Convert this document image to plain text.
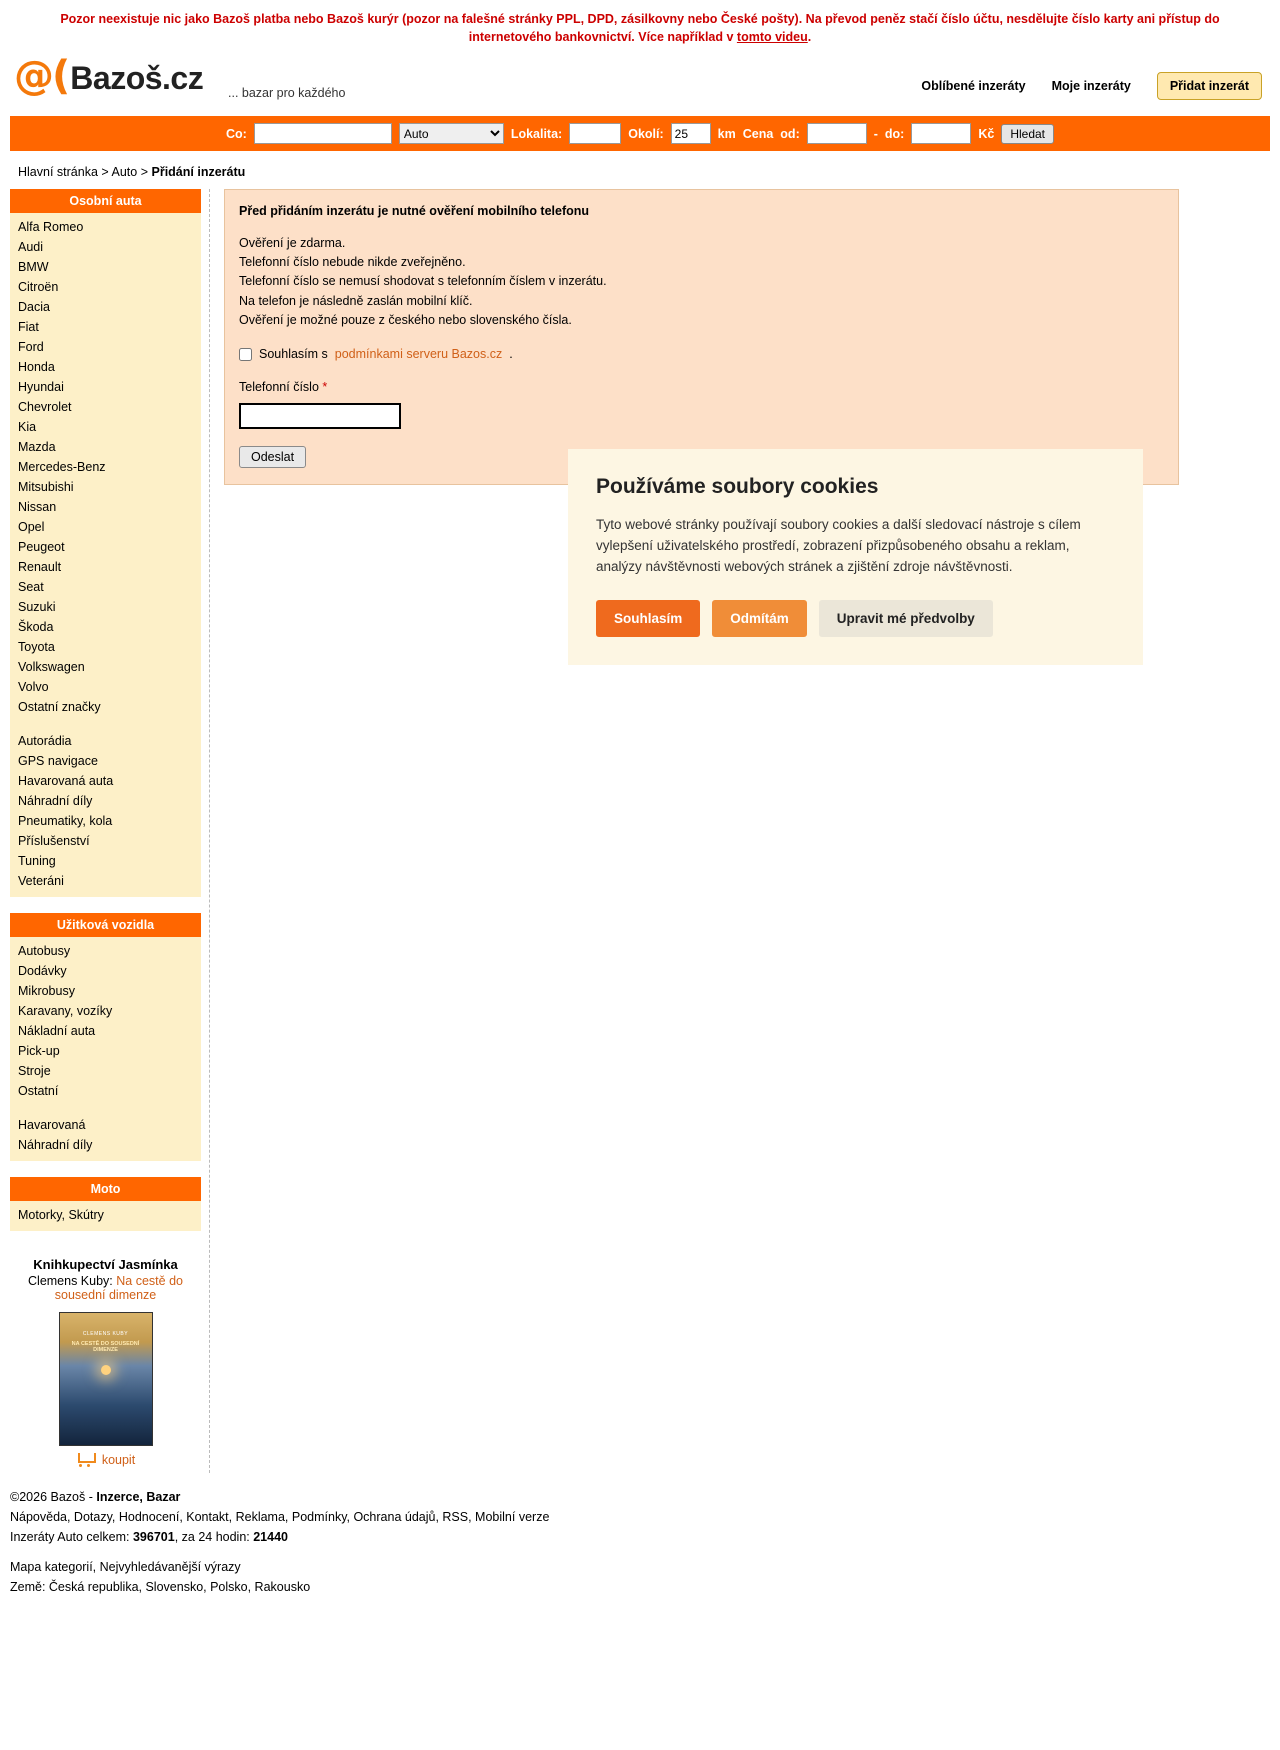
Pozor neexistuje nic jako Bazoš platba nebo Bazoš kurýr (pozor na falešné stránky PPL, DPD, zásilkovny nebo České pošty). Na převod peněz stačí číslo účtu, nesdělujte číslo karty ani přístup do internetového bankovnictví. Více například v tomto videu.
@( Bazoš.cz ... bazar pro každého	Oblíbené inzeráty Moje inzeráty	Přidat inzerát
Co:
Auto	Lokalita:	Okolí:
25	km Cena od:	- do:	Kč	Hledat
Hlavní stránka > Auto > Přidání inzerátu
Osobní auta
Alfa Romeo
Audi
BMW
Citroën
Dacia
Fiat
Ford
Honda
Hyundai
Chevrolet
Kia
Mazda
Mercedes-Benz
Mitsubishi
Nissan
Opel
Peugeot
Renault
Seat
Suzuki
Škoda
Toyota
Volkswagen
Volvo
Ostatní značky
Autorádia
GPS navigace
Havarovaná auta
Náhradní díly
Pneumatiky, kola
Příslušenství
Tuning
Veteráni
Užitková vozidla
Autobusy
Dodávky
Mikrobusy
Karavany, vozíky
Nákladní auta
Pick-up
Stroje
Ostatní
Havarovaná
Náhradní díly
Moto
Motorky, Skútry
Knihkupectví Jasmínka
Clemens Kuby: Na cestě do sousední dimenze
CLEMENS KUBY
NA CESTĚ DO SOUSEDNÍ DIMENZE
koupit
Před přidáním inzerátu je nutné ověření mobilního telefonu
Ověření je zdarma.
Telefonní číslo nebude nikde zveřejněno.
Telefonní číslo se nemusí shodovat s telefonním číslem v inzerátu.
Na telefon je následně zaslán mobilní klíč.
Ověření je možné pouze z českého nebo slovenského čísla.
Souhlasím s podmínkami serveru Bazos.cz .
Telefonní číslo *
Odeslat
Používáme soubory cookies

Tyto webové stránky používají soubory cookies a další sledovací nástroje s cílem vylepšení uživatelského prostředí, zobrazení přizpůsobeného obsahu a reklam, analýzy návštěvnosti webových stránek a zjištění zdroje návštěvnosti.

Souhlasím	Odmítám	Upravit mé předvolby
©2026 Bazoš - Inzerce, Bazar
Nápověda, Dotazy, Hodnocení, Kontakt, Reklama, Podmínky, Ochrana údajů, RSS, Mobilní verze
Inzeráty Auto celkem: 396701, za 24 hodin: 21440
Mapa kategorií, Nejvyhledávanější výrazy
Země: Česká republika, Slovensko, Polsko, Rakousko
